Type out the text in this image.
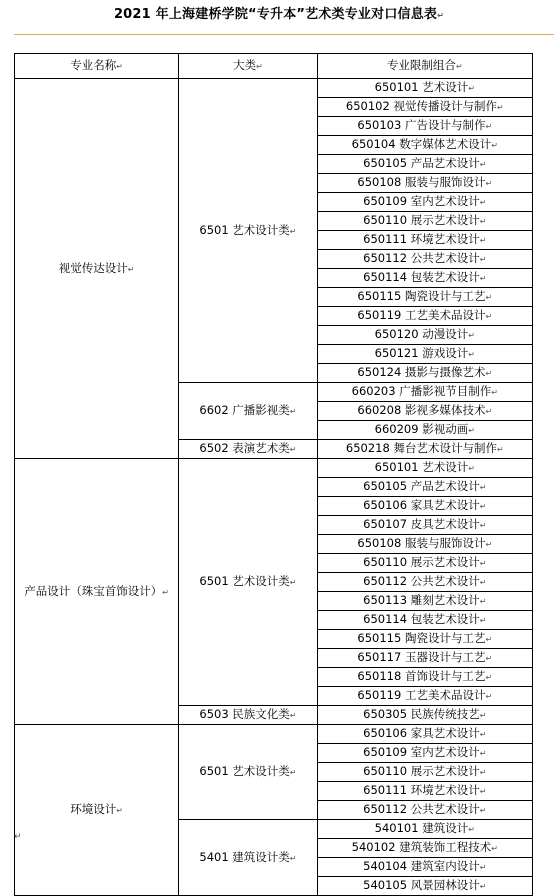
2021 年上海建桥学院“专升本”艺术类专业对口信息表↵
专业名称↵	大类↵	专业限制组合↵
视觉传达设计↵	6501 艺术设计类↵	650101 艺术设计↵
		650102 视觉传播设计与制作↵
		650103 广告设计与制作↵
		650104 数字媒体艺术设计↵
		650105 产品艺术设计↵
		650108 服装与服饰设计↵
		650109 室内艺术设计↵
		650110 展示艺术设计↵
		650111 环境艺术设计↵
		650112 公共艺术设计↵
		650114 包装艺术设计↵
		650115 陶瓷设计与工艺↵
		650119 工艺美术品设计↵
		650120 动漫设计↵
		650121 游戏设计↵
		650124 摄影与摄像艺术↵
	6602 广播影视类↵	660203 广播影视节目制作↵
		660208 影视多媒体技术↵
		660209 影视动画↵
	6502 表演艺术类↵	650218 舞台艺术设计与制作↵
产品设计（珠宝首饰设计）↵	6501 艺术设计类↵	650101 艺术设计↵
		650105 产品艺术设计↵
		650106 家具艺术设计↵
		650107 皮具艺术设计↵
		650108 服装与服饰设计↵
		650110 展示艺术设计↵
		650112 公共艺术设计↵
		650113 雕刻艺术设计↵
		650114 包装艺术设计↵
		650115 陶瓷设计与工艺↵
		650117 玉器设计与工艺↵
		650118 首饰设计与工艺↵
		650119 工艺美术品设计↵
	6503 民族文化类↵	650305 民族传统技艺↵
环境设计↵	6501 艺术设计类↵	650106 家具艺术设计↵
		650109 室内艺术设计↵
		650110 展示艺术设计↵
		650111 环境艺术设计↵
		650112 公共艺术设计↵
	5401 建筑设计类↵	540101 建筑设计↵
		540102 建筑装饰工程技术↵
		540104 建筑室内设计↵
		540105 风景园林设计↵
↵
